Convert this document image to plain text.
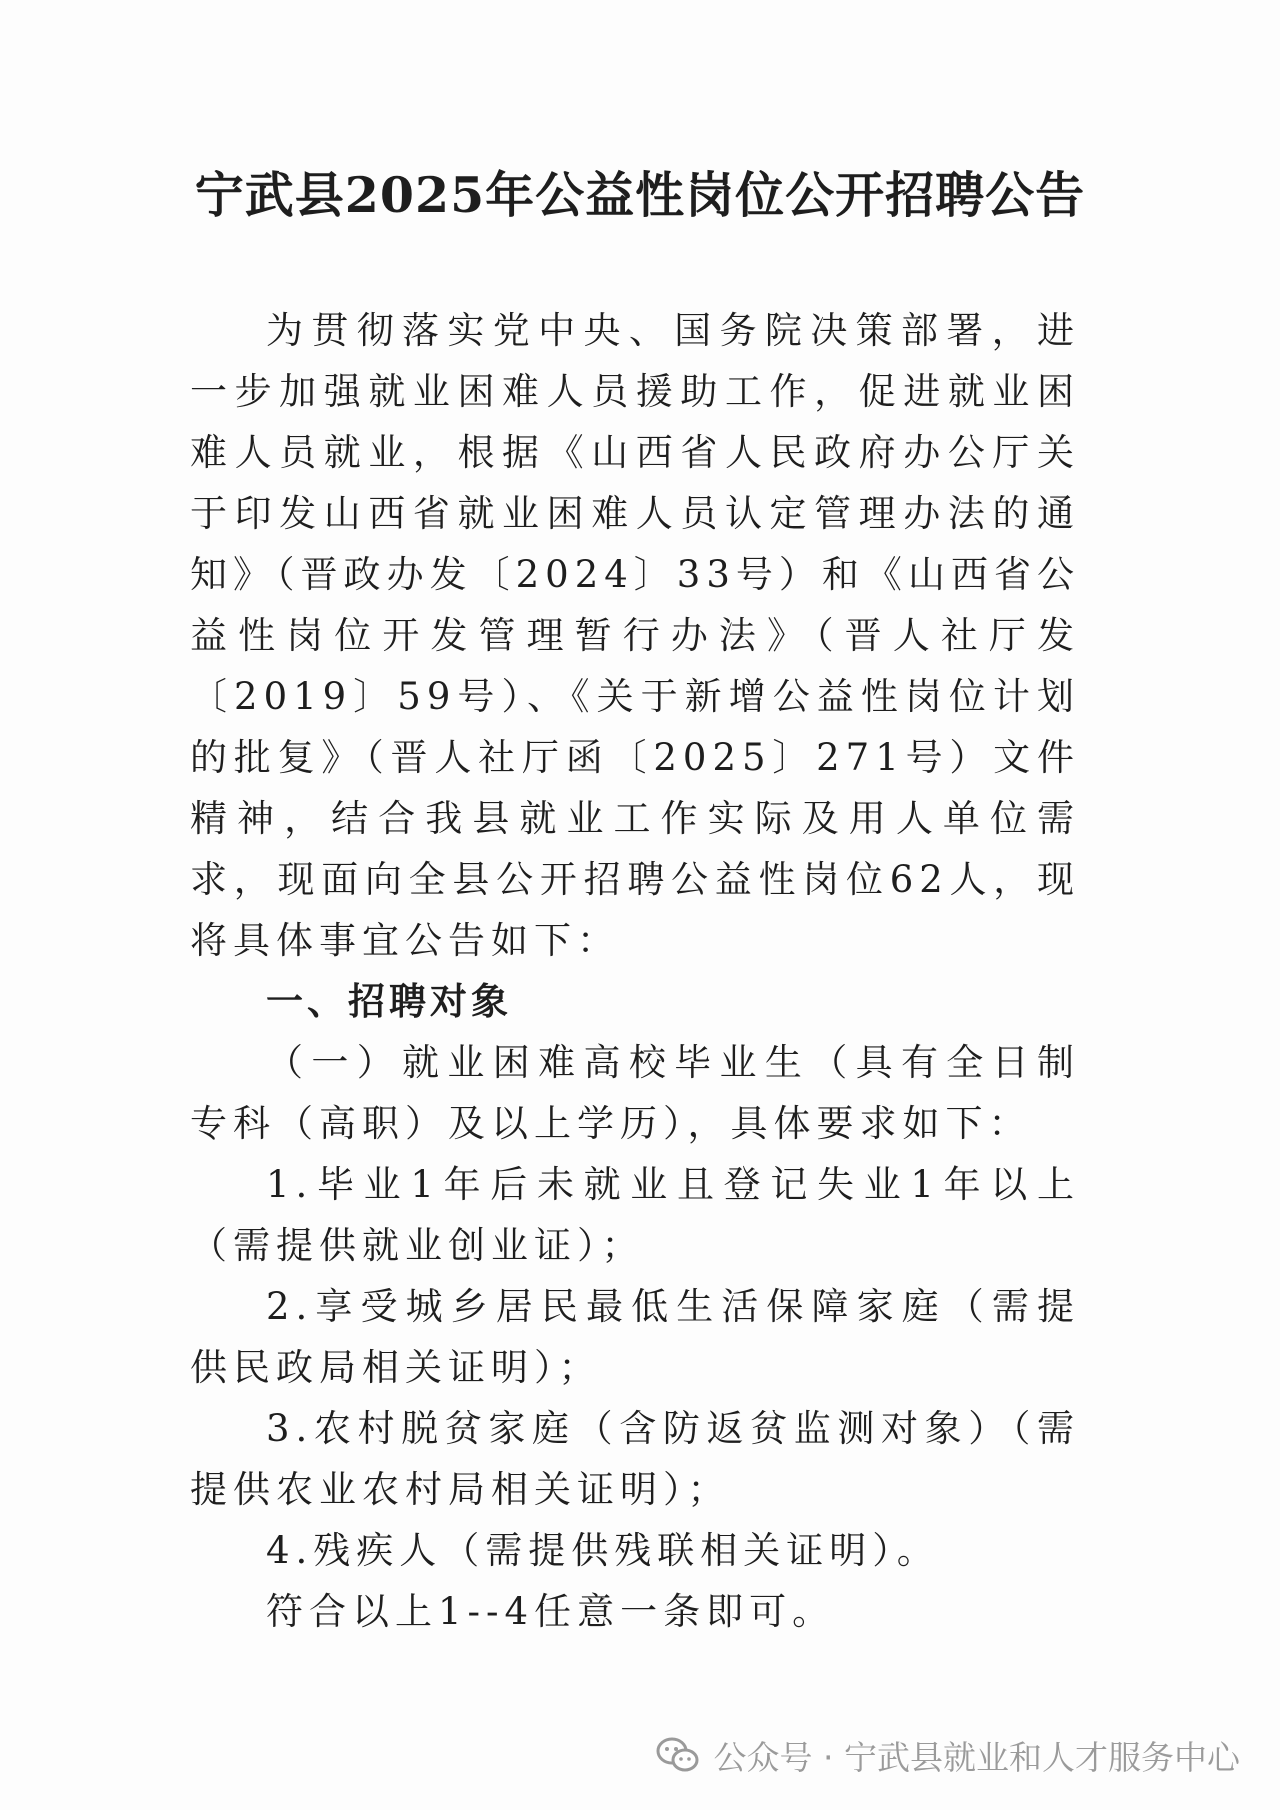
宁武县2025年公益性岗位公开招聘公告

为贯彻落实党中央、国务院决策部署，进一步加强就业困难人员援助工作，促进就业困难人员就业，根据《山西省人民政府办公厅关于印发山西省就业困难人员认定管理办法的通知》（晋政办发〔2024〕33号）和《山西省公益性岗位开发管理暂行办法》（晋人社厅发〔2019〕59号）、《关于新增公益性岗位计划的批复》（晋人社厅函〔2025〕271号）文件精神，结合我县就业工作实际及用人单位需求，现面向全县公开招聘公益性岗位62人，现将具体事宜公告如下：

一、招聘对象

（一）就业困难高校毕业生（具有全日制专科（高职）及以上学历），具体要求如下：

1.毕业1年后未就业且登记失业1年以上（需提供就业创业证）；

2.享受城乡居民最低生活保障家庭（需提供民政局相关证明）；

3.农村脱贫家庭（含防返贫监测对象）（需提供农业农村局相关证明）；

4.残疾人（需提供残联相关证明）。

符合以上1--4任意一条即可。

公众号 · 宁武县就业和人才服务中心
